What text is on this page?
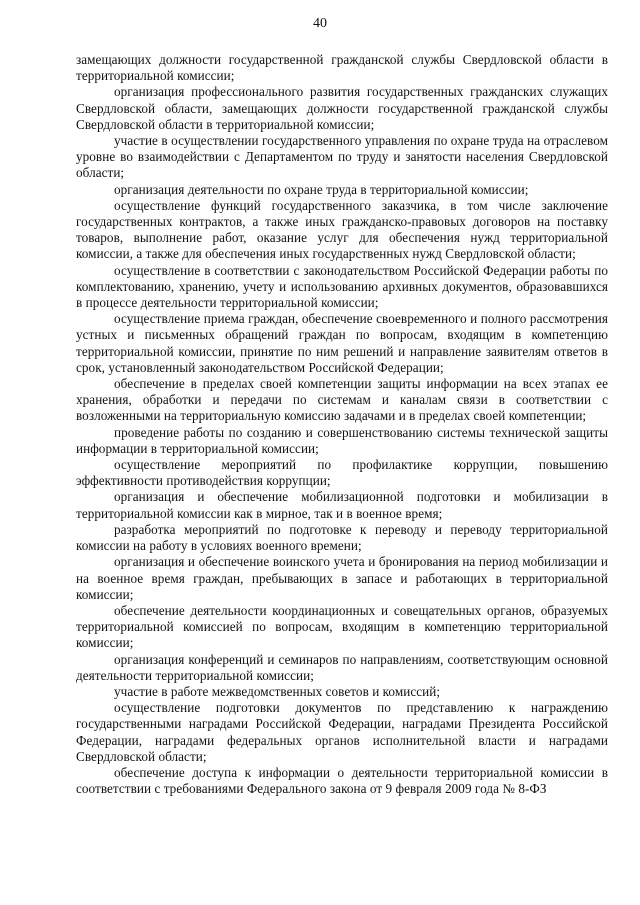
40

замещающих должности государственной гражданской службы Свердловской области в территориальной комиссии;

организация профессионального развития государственных гражданских служащих Свердловской области, замещающих должности государственной гражданской службы Свердловской области в территориальной комиссии;

участие в осуществлении государственного управления по охране труда на отраслевом уровне во взаимодействии с Департаментом по труду и занятости населения Свердловской области;

организация деятельности по охране труда в территориальной комиссии;

осуществление функций государственного заказчика, в том числе заключение государственных контрактов, а также иных гражданско-правовых договоров на поставку товаров, выполнение работ, оказание услуг для обеспечения нужд территориальной комиссии, а также для обеспечения иных государственных нужд Свердловской области;

осуществление в соответствии с законодательством Российской Федерации работы по комплектованию, хранению, учету и использованию архивных документов, образовавшихся в процессе деятельности территориальной комиссии;

осуществление приема граждан, обеспечение своевременного и полного рассмотрения устных и письменных обращений граждан по вопросам, входящим в компетенцию территориальной комиссии, принятие по ним решений и направление заявителям ответов в срок, установленный законодательством Российской Федерации;

обеспечение в пределах своей компетенции защиты информации на всех этапах ее хранения, обработки и передачи по системам и каналам связи в соответствии с возложенными на территориальную комиссию задачами и в пределах своей компетенции;

проведение работы по созданию и совершенствованию системы технической защиты информации в территориальной комиссии;

осуществление мероприятий по профилактике коррупции, повышению эффективности противодействия коррупции;

организация и обеспечение мобилизационной подготовки и мобилизации в территориальной комиссии как в мирное, так и в военное время;

разработка мероприятий по подготовке к переводу и переводу территориальной комиссии на работу в условиях военного времени;

организация и обеспечение воинского учета и бронирования на период мобилизации и на военное время граждан, пребывающих в запасе и работающих в территориальной комиссии;

обеспечение деятельности координационных и совещательных органов, образуемых территориальной комиссией по вопросам, входящим в компетенцию территориальной комиссии;

организация конференций и семинаров по направлениям, соответствующим основной деятельности территориальной комиссии;

участие в работе межведомственных советов и комиссий;

осуществление подготовки документов по представлению к награждению государственными наградами Российской Федерации, наградами Президента Российской Федерации, наградами федеральных органов исполнительной власти и наградами Свердловской области;

обеспечение доступа к информации о деятельности территориальной комиссии в соответствии с требованиями Федерального закона от 9 февраля 2009 года № 8-ФЗ
